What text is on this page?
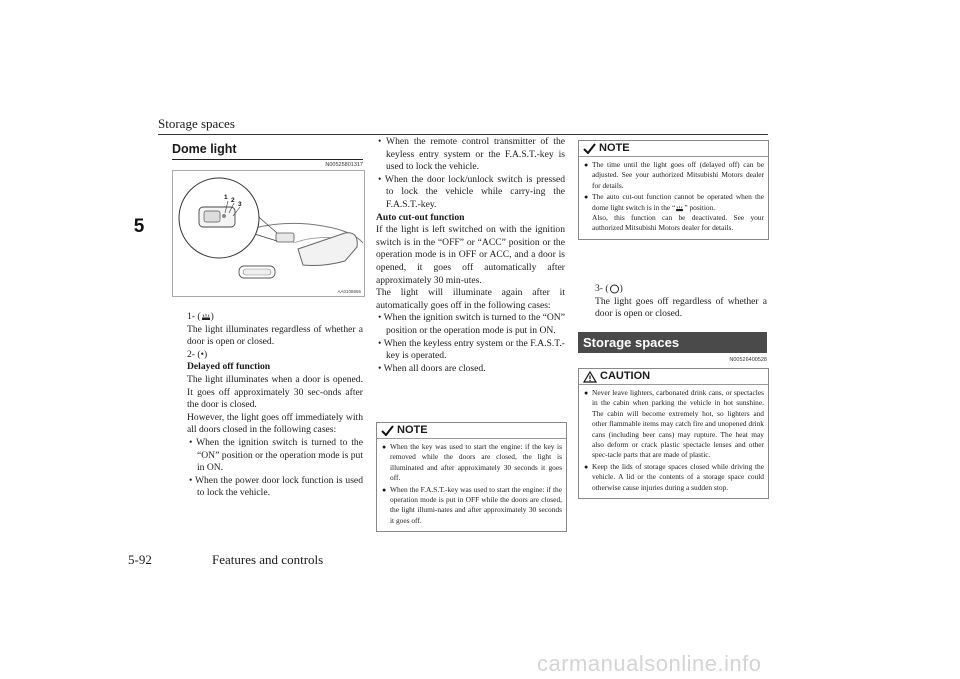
Storage spaces
5
Dome light
N00525801317
1 2
3
AA0108656

1- ( )

The light illuminates regardless of whether a door is open or closed.

2- (•)

Delayed off function

The light illuminates when a door is opened. It goes off approximately 30 sec-onds after the door is closed.

However, the light goes off immediately with all doors closed in the following cases:

• When the ignition switch is turned to the “ON” position or the operation mode is put in ON.

• When the power door lock function is used to lock the vehicle.

• When the remote control transmitter of the keyless entry system or the F.A.S.T.-key is used to lock the vehicle.

• When the door lock/unlock switch is pressed to lock the vehicle while carry-ing the F.A.S.T.-key.

Auto cut-out function

If the light is left switched on with the ignition switch is in the “OFF” or “ACC” position or the operation mode is in OFF or ACC, and a door is opened, it goes off automatically after approximately 30 min-utes.

The light will illuminate again after it automatically goes off in the following cases:

• When the ignition switch is turned to the “ON” position or the operation mode is put in ON.

• When the keyless entry system or the F.A.S.T.-key is operated.

• When all doors are closed.

NOTE
● When the key was used to start the engine: if the key is removed while the doors are closed, the light is illuminated and after approximately 30 seconds it goes off.
● When the F.A.S.T.-key was used to start the engine: if the operation mode is put in OFF while the doors are closed, the light illumi-nates and after approximately 30 seconds it goes off.
NOTE
● The time until the light goes off (delayed off) can be adjusted. See your authorized Mitsubishi Motors dealer for details.
● The auto cut-out function cannot be operated when the dome light switch is in the “ ” position.
Also, this function can be deactivated. See your authorized Mitsubishi Motors dealer for details.

3- ( )

The light goes off regardless of whether a door is open or closed.

Storage spaces
N00526400528
CAUTION
● Never leave lighters, carbonated drink cans, or spectacles in the cabin when parking the vehicle in hot sunshine. The cabin will become extremely hot, so lighters and other flammable items may catch fire and unopened drink cans (including beer cans) may rupture. The heat may also deform or crack plastic spectacle lenses and other spec-tacle parts that are made of plastic.
● Keep the lids of storage spaces closed while driving the vehicle. A lid or the contents of a storage space could otherwise cause injuries during a sudden stop.
5-92	Features and controls
carmanualsonline.info
